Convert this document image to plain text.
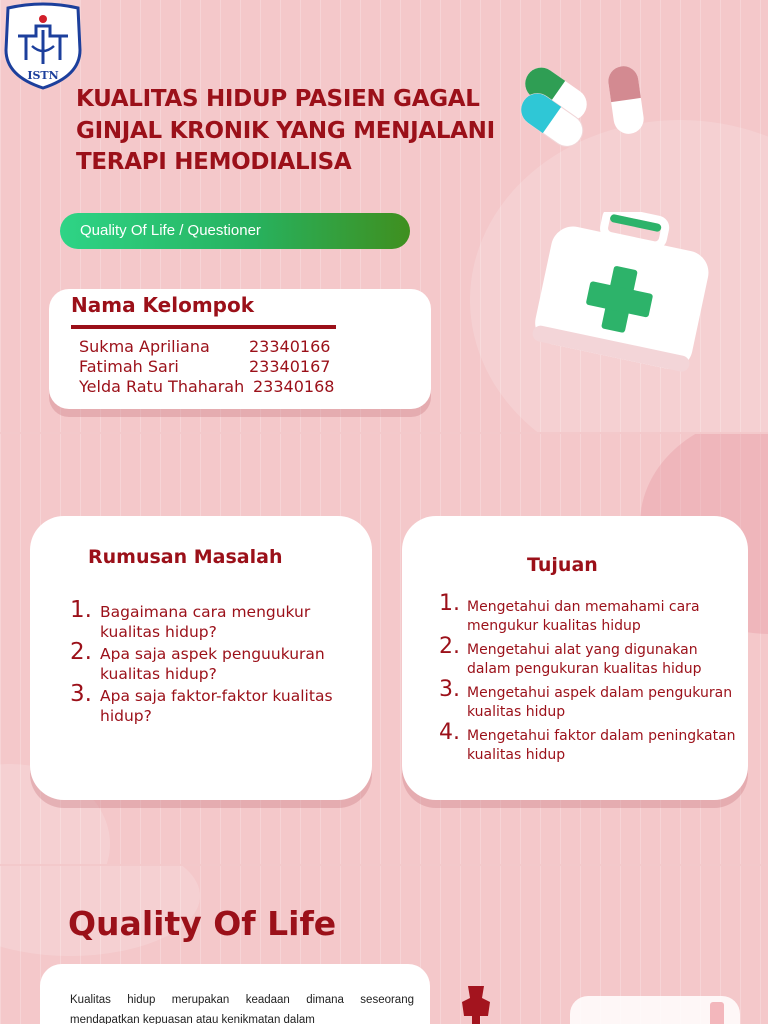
ISTN
KUALITAS HIDUP PASIEN GAGAL GINJAL KRONIK YANG MENJALANI TERAPI HEMODIALISA
Quality Of Life / Questioner
Nama Kelompok
Sukma Apriliana 23340166
Fatimah Sari	23340167
Yelda Ratu Thaharah 23340168
Rumusan Masalah
1. Bagaimana cara mengukur kualitas hidup?
2. Apa saja aspek penguukuran kualitas hidup?
3. Apa saja faktor-faktor kualitas hidup?
Tujuan
1. Mengetahui dan memahami cara mengukur kualitas hidup
2. Mengetahui alat yang digunakan dalam pengukuran kualitas hidup
3. Mengetahui aspek dalam pengukuran kualitas hidup
4. Mengetahui faktor dalam peningkatan kualitas hidup
Quality Of Life
Kualitas hidup merupakan keadaan dimana seseorang mendapatkan kepuasan atau kenikmatan dalam
